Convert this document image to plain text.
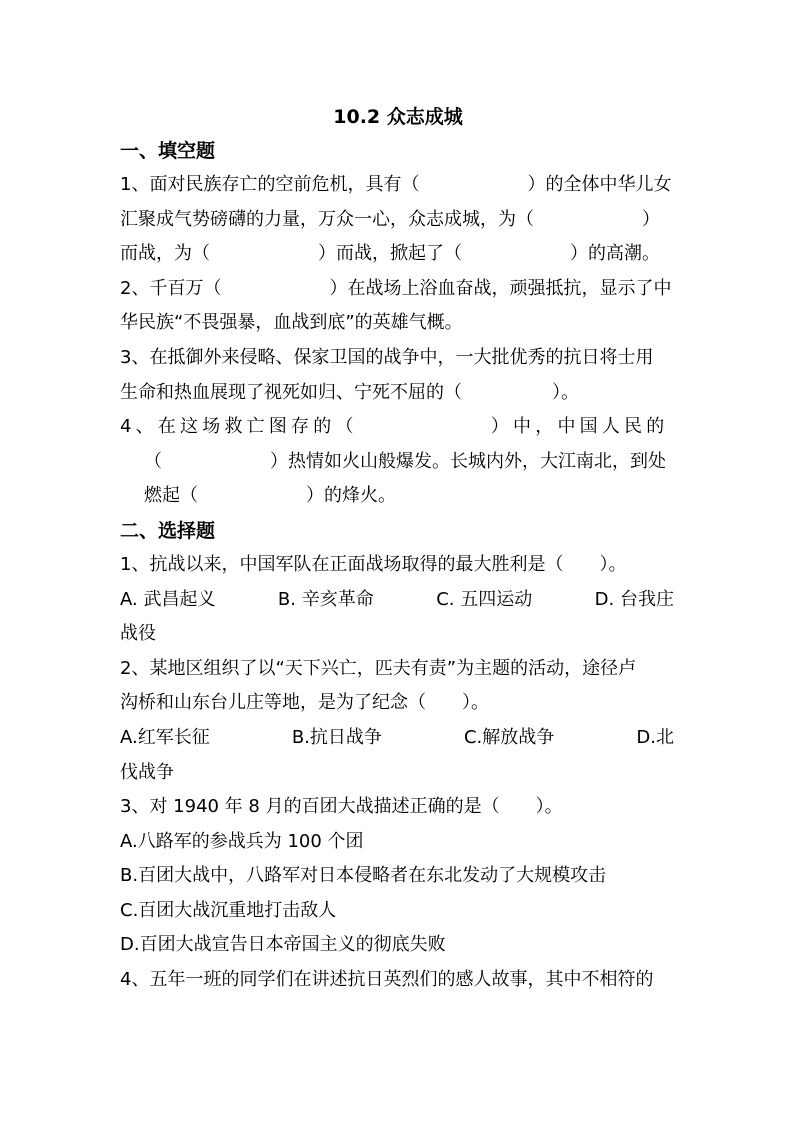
10.2 众志成城
一、填空题
1、面对民族存亡的空前危机，具有（　　　　　　）的全体中华儿女
汇聚成气势磅礴的力量，万众一心，众志成城，为（　　　　　　）
而战，为（　　　　　　）而战，掀起了（　　　　　　）的高潮。
2、千百万（　　　　　　）在战场上浴血奋战，顽强抵抗，显示了中
华民族“不畏强暴，血战到底”的英雄气概。
3、在抵御外来侵略、保家卫国的战争中，一大批优秀的抗日将士用
生命和热血展现了视死如归、宁死不屈的（　　　　　）。
4、在这场救亡图存的（　　　　　　）中，中国人民的
（　　　　　　）热情如火山般爆发。长城内外，大江南北，到处
燃起（　　　　　　）的烽火。
二、选择题
1、抗战以来，中国军队在正面战场取得的最大胜利是（　　）。
A. 武昌起义	B. 辛亥革命	C. 五四运动	D. 台我庄
战役
2、某地区组织了以“天下兴亡，匹夫有责”为主题的活动，途径卢
沟桥和山东台儿庄等地，是为了纪念（　　）。
A.红军长征	B.抗日战争	C.解放战争	D.北
伐战争
3、对 1940 年 8 月的百团大战描述正确的是（　　）。
A.八路军的参战兵为 100 个团
B.百团大战中，八路军对日本侵略者在东北发动了大规模攻击
C.百团大战沉重地打击敌人
D.百团大战宣告日本帝国主义的彻底失败
4、五年一班的同学们在讲述抗日英烈们的感人故事，其中不相符的
